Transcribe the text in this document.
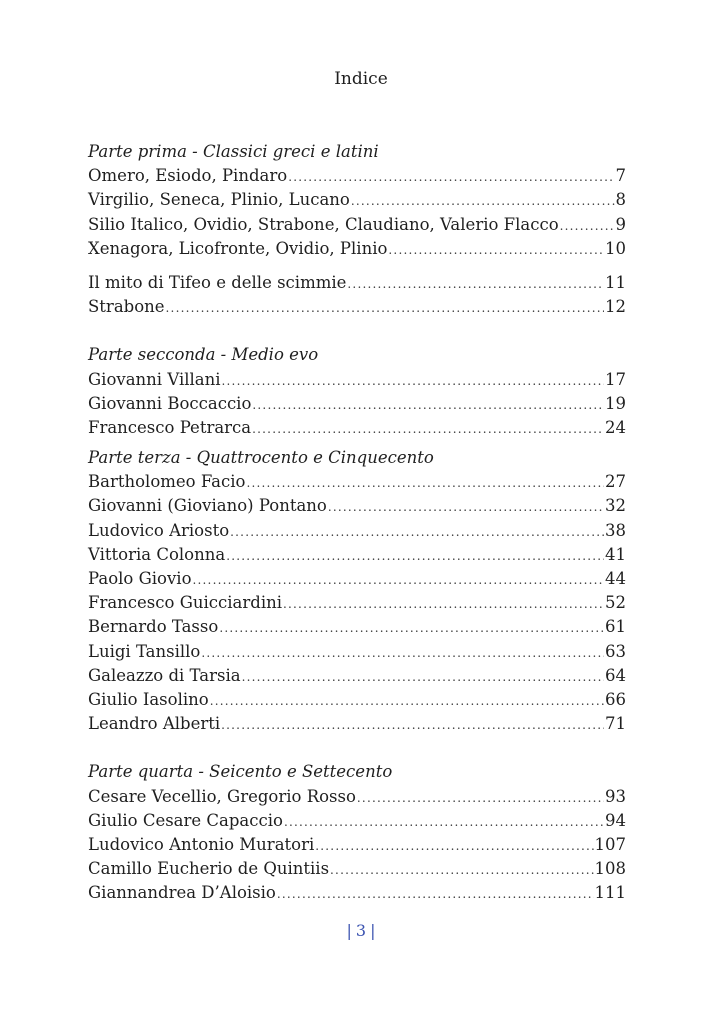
Indice
Parte prima - Classici greci e latini
Omero, Esiodo, Pindaro .....	7
Virgilio, Seneca, Plinio, Lucano .....	8
Silio Italico, Ovidio, Strabone, Claudiano, Valerio Flacco .....	9
Xenagora, Licofronte, Ovidio, Plinio .....	10
Il mito di Tifeo e delle scimmie .....	11
Strabone .....	12
Parte secconda - Medio evo
Giovanni Villani .....	17
Giovanni Boccaccio .....	19
Francesco Petrarca .....	24
Parte terza - Quattrocento e Cinquecento
Bartholomeo Facio .....	27
Giovanni (Gioviano) Pontano .....	32
Ludovico Ariosto .....	38
Vittoria Colonna .....	41
Paolo Giovio .....	44
Francesco Guicciardini .....	52
Bernardo Tasso .....	61
Luigi Tansillo .....	63
Galeazzo di Tarsia .....	64
Giulio Iasolino .....	66
Leandro Alberti .....	71
Parte quarta - Seicento e Settecento
Cesare Vecellio, Gregorio Rosso .....	93
Giulio Cesare Capaccio .....	94
Ludovico Antonio Muratori .....	107
Camillo Eucherio de Quintiis .....	108
Giannandrea D’Aloisio .....	111
| 3 |
